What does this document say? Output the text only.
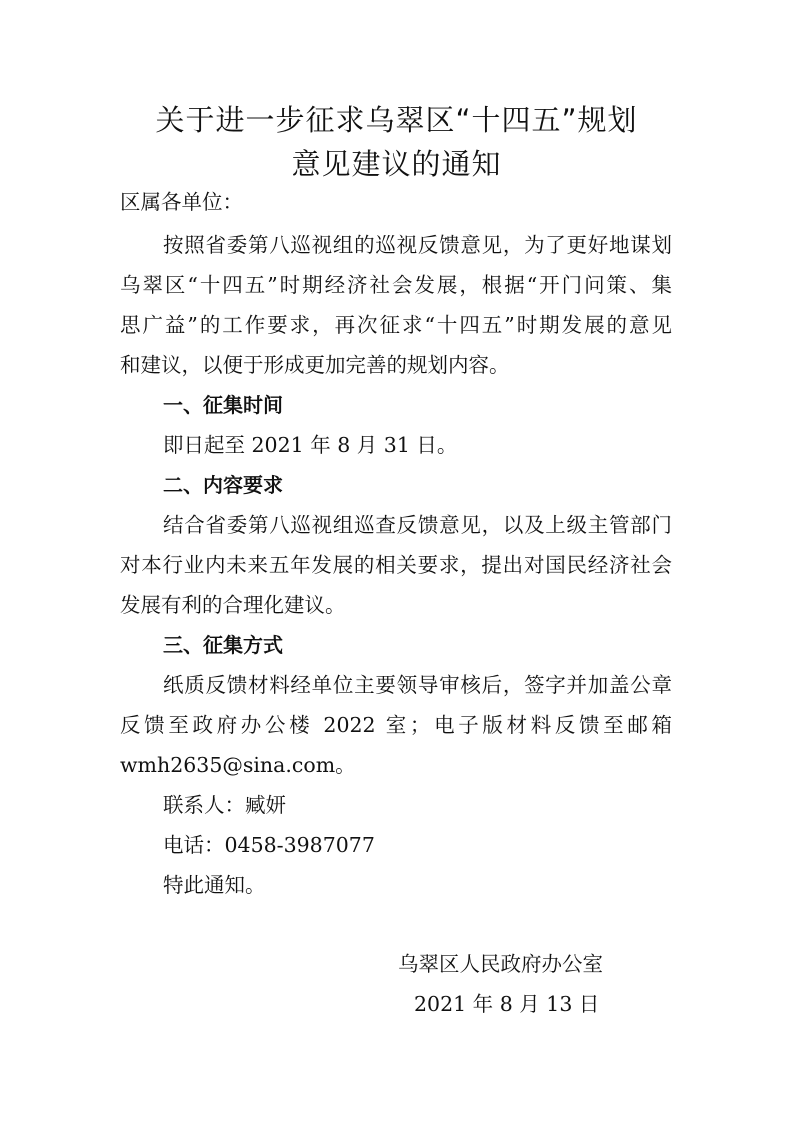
关于进一步征求乌翠区“十四五”规划
意见建议的通知
区属各单位：
按照省委第八巡视组的巡视反馈意见，为了更好地谋划
乌翠区“十四五”时期经济社会发展，根据“开门问策、集
思广益”的工作要求，再次征求“十四五”时期发展的意见
和建议，以便于形成更加完善的规划内容。
一、征集时间
即日起至 2021 年 8 月 31 日。
二、内容要求
结合省委第八巡视组巡查反馈意见，以及上级主管部门
对本行业内未来五年发展的相关要求，提出对国民经济社会
发展有利的合理化建议。
三、征集方式
纸质反馈材料经单位主要领导审核后，签字并加盖公章
反馈至政府办公楼 2022 室；电子版材料反馈至邮箱
wmh2635@sina.com。
联系人：臧妍
电话：0458-3987077
特此通知。
乌翠区人民政府办公室
2021 年 8 月 13 日
